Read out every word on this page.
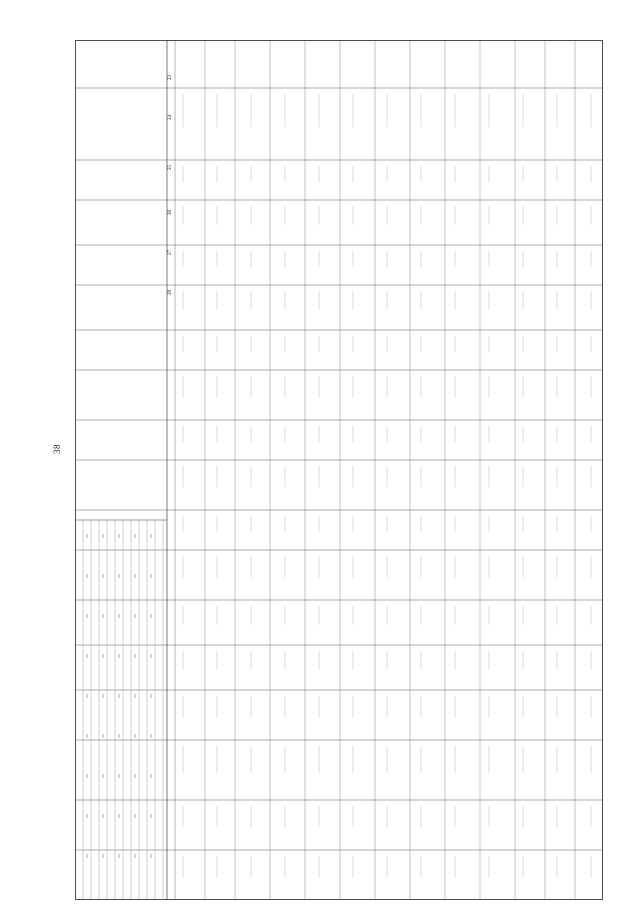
38
23
24
25
26
27
28
